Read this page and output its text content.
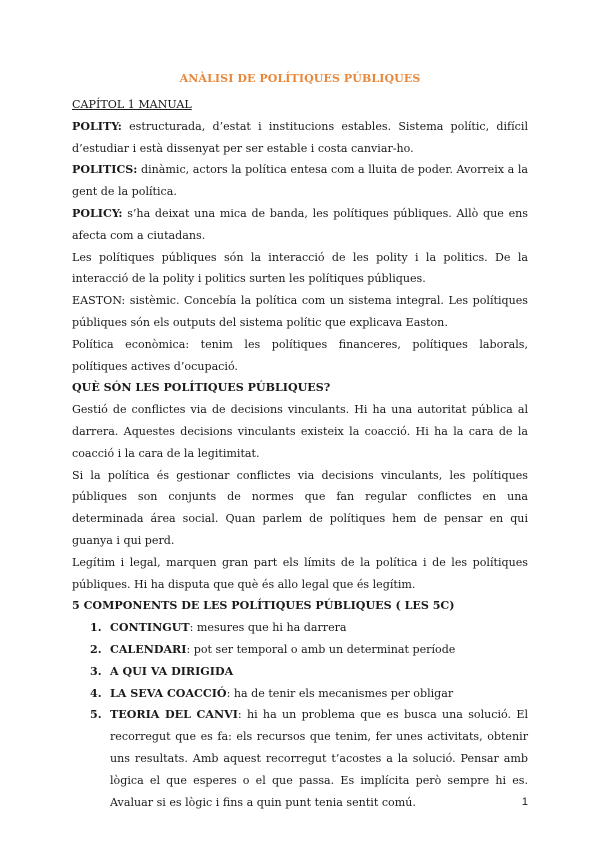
ANÀLISI DE POLÍTIQUES PÚBLIQUES

CAPÍTOL 1 MANUAL

POLITY: estructurada, d’estat i institucions estables. Sistema polític, difícil d’estudiar i està dissenyat per ser estable i costa canviar-ho.

POLITICS: dinàmic, actors la política entesa com a lluita de poder. Avorreix a la gent de la política.

POLICY: s’ha deixat una mica de banda, les polítiques públiques. Allò que ens afecta com a ciutadans.

Les polítiques públiques són la interacció de les polity i la politics. De la interacció de la polity i politics surten les polítiques públiques.

EASTON: sistèmic. Concebía la política com un sistema integral. Les polítiques públiques són els outputs del sistema polític que explicava Easton.

Política econòmica: tenim les polítiques financeres, polítiques laborals, polítiques actives d’ocupació.

QUÈ SÓN LES POLÍTIQUES PÚBLIQUES?

Gestió de conflictes via de decisions vinculants. Hi ha una autoritat pública al darrera. Aquestes decisions vinculants existeix la coacció. Hi ha la cara de la coacció i la cara de la legitimitat.

Si la política és gestionar conflictes via decisions vinculants, les polítiques públiques son conjunts de normes que fan regular conflictes en una determinada área social. Quan parlem de polítiques hem de pensar en qui guanya i qui perd.

Legítim i legal, marquen gran part els límits de la política i de les polítiques públiques. Hi ha disputa que què és allo legal que és legítim.

5 COMPONENTS DE LES POLÍTIQUES PÚBLIQUES ( LES 5C)

1. CONTINGUT: mesures que hi ha darrera
2. CALENDARI: pot ser temporal o amb un determinat període
3. A QUI VA DIRIGIDA
4. LA SEVA COACCIÓ: ha de tenir els mecanismes per obligar
5. TEORIA DEL CANVI: hi ha un problema que es busca una solució. El recorregut que es fa: els recursos que tenim, fer unes activitats, obtenir uns resultats. Amb aquest recorregut t’acostes a la solució. Pensar amb lògica el que esperes o el que passa. Es implícita però sempre hi es. Avaluar si es lògic i fins a quin punt tenia sentit comú.	1
